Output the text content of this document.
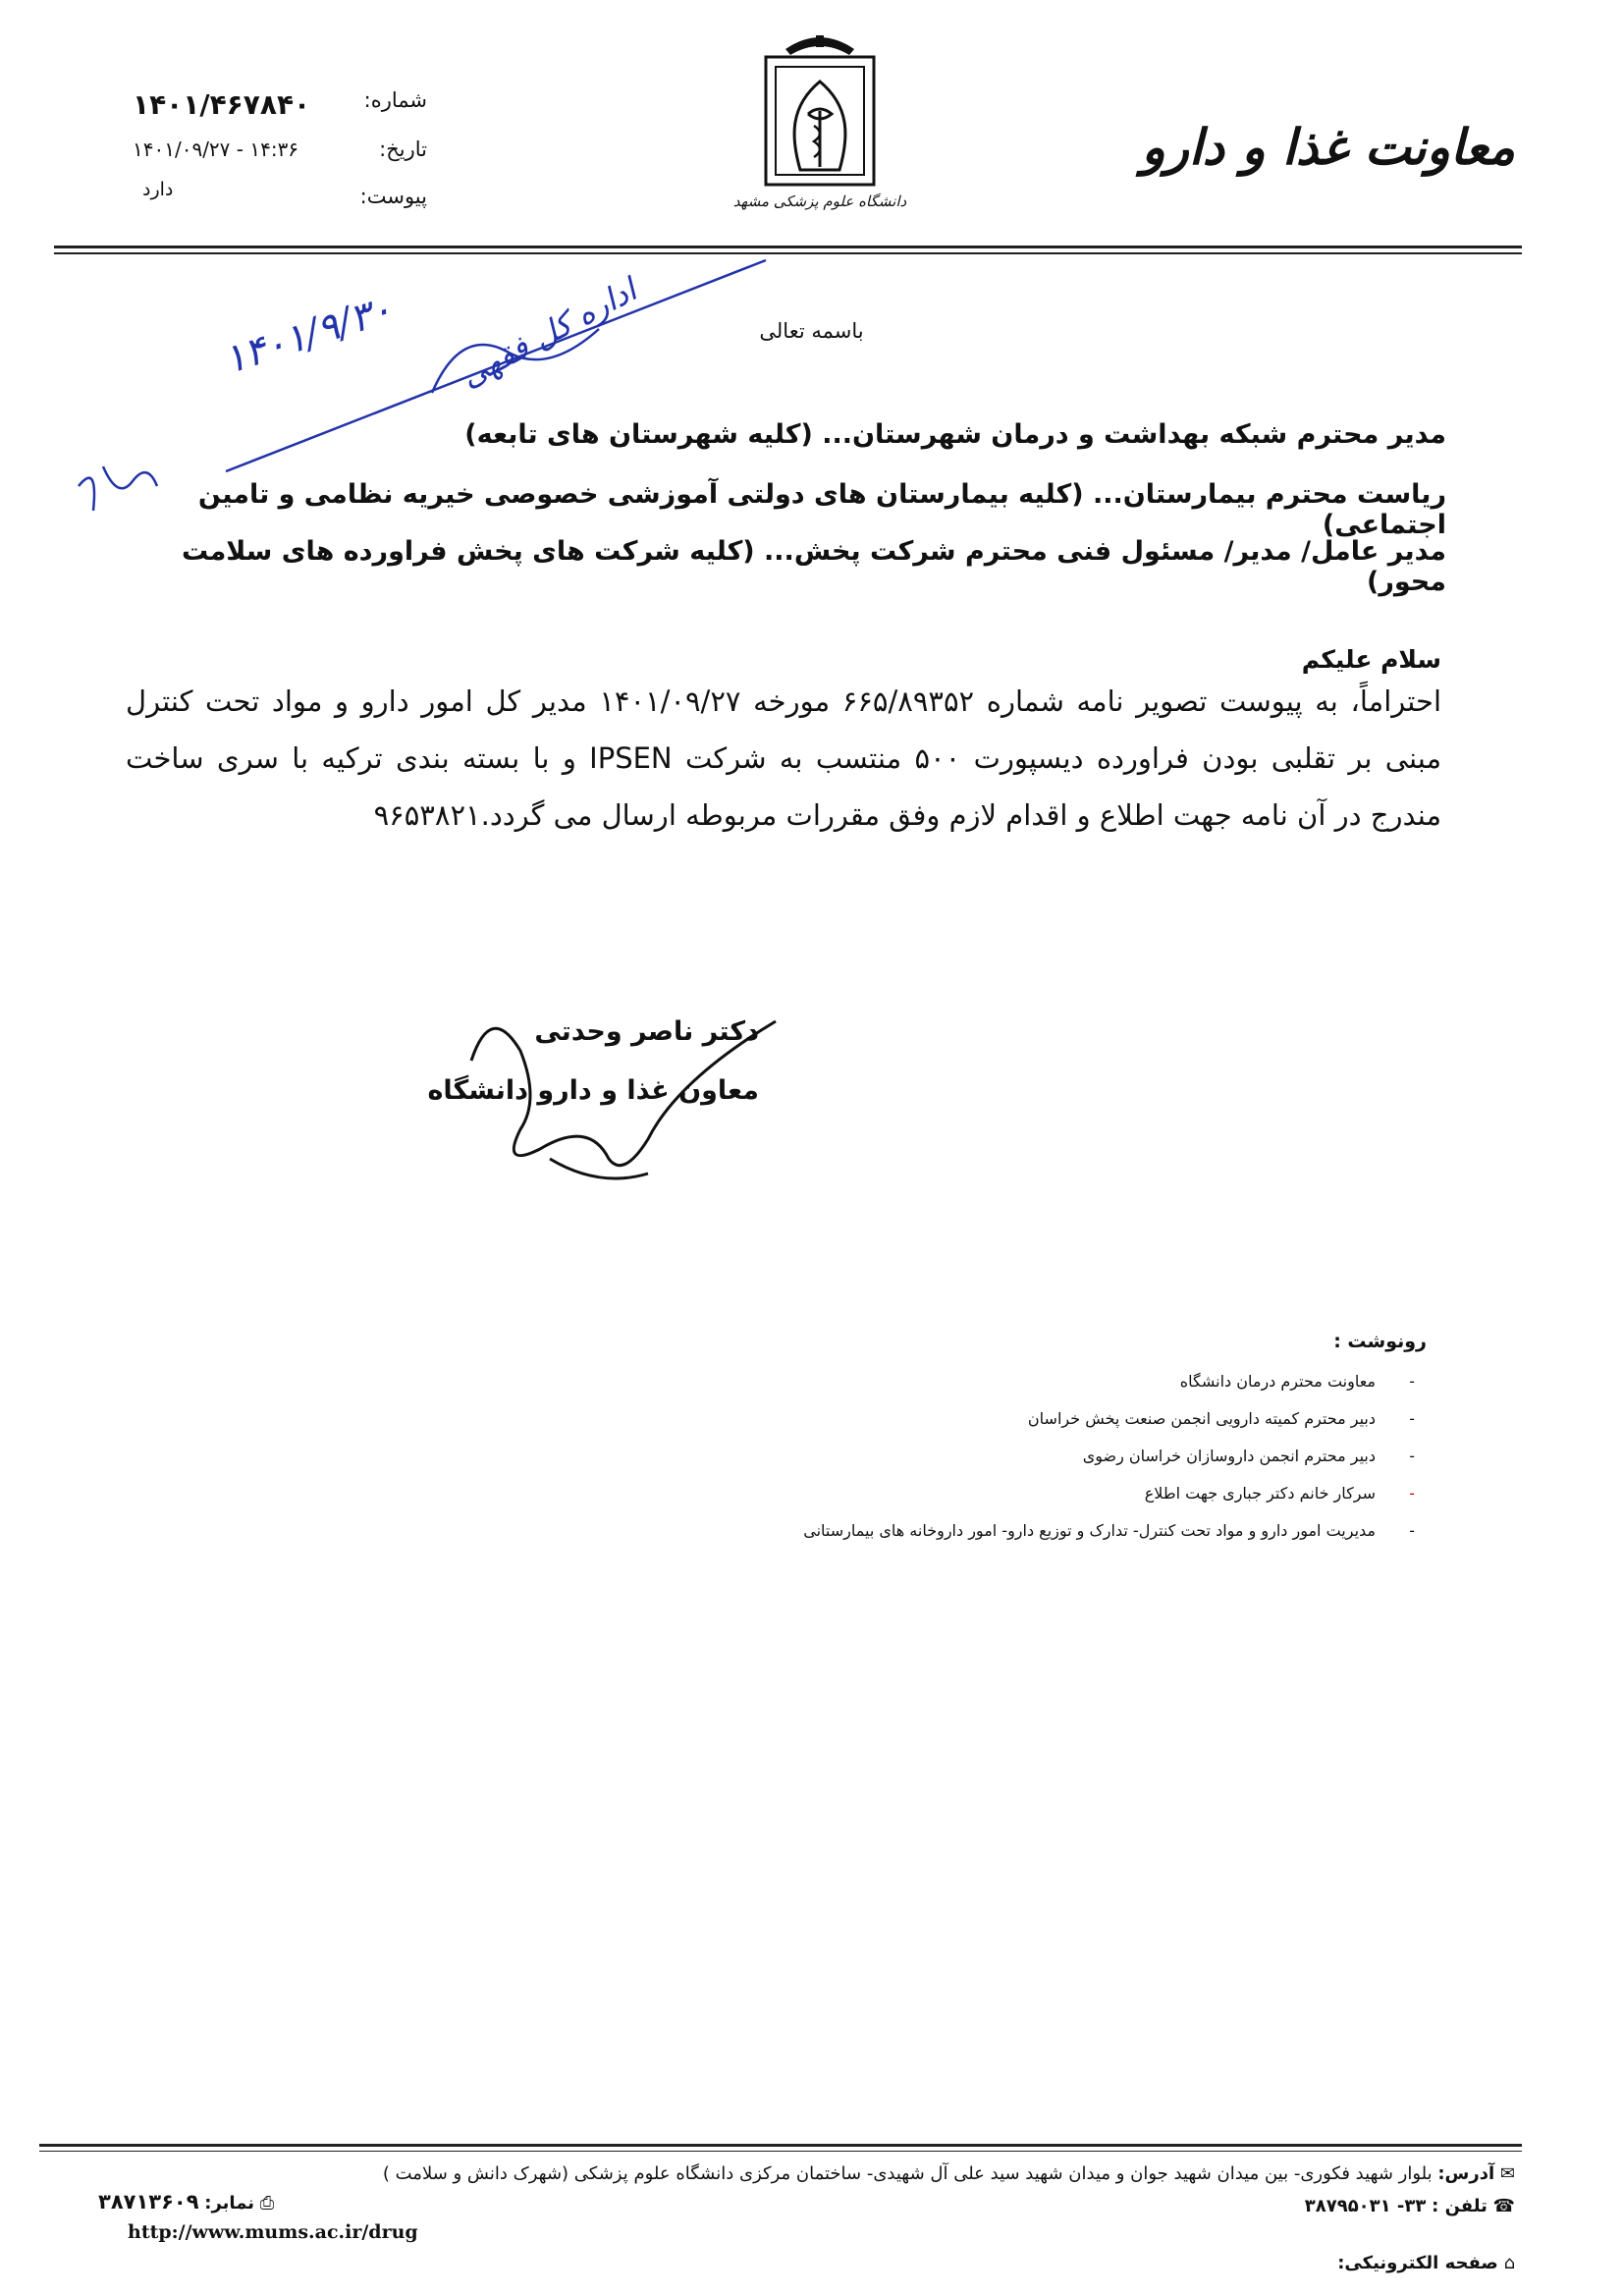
شماره:
۱۴۰۱/۴۶۷۸۴۰
تاریخ:
۱۴۰۱/۰۹/۲۷ - ۱۴:۳۶
پیوست:
دارد
دانشگاه علوم پزشکی مشهد
معاونت غذا و دارو
باسمه تعالی
۱۴۰۱/۹/۳۰ اداره کل فقهی
مدیر محترم شبکه بهداشت و درمان شهرستان... (کلیه شهرستان های تابعه)
ریاست محترم بیمارستان... (کلیه بیمارستان های دولتی آموزشی خصوصی خیریه نظامی و تامین اجتماعی)
مدیر عامل/ مدیر/ مسئول فنی محترم شرکت پخش... (کلیه شرکت های پخش فراورده های سلامت محور)
سلام علیکم
احتراماً، به پیوست تصویر نامه شماره ۶۶۵/۸۹۳۵۲ مورخه ۱۴۰۱/۰۹/۲۷ مدیر کل امور دارو و مواد تحت کنترل مبنی بر تقلبی بودن فراورده دیسپورت ۵۰۰ منتسب به شرکت IPSEN و با بسته بندی ترکیه با سری ساخت مندرج در آن نامه جهت اطلاع و اقدام لازم وفق مقررات مربوطه ارسال می گردد.۹۶۵۳۸۲۱
دکتر ناصر وحدتی
معاون غذا و دارو دانشگاه
رونوشت :
-
معاونت محترم درمان دانشگاه
-
دبیر محترم کمیته دارویی انجمن صنعت پخش خراسان
-
دبیر محترم انجمن داروسازان خراسان رضوی
-
سرکار خانم دکتر جباری جهت اطلاع
-
مدیریت امور دارو و مواد تحت کنترل- تدارک و توزیع دارو- امور داروخانه های بیمارستانی
✉ آدرس: بلوار شهید فکوری- بین میدان شهید جوان و میدان شهید سید علی آل شهیدی- ساختمان مرکزی دانشگاه علوم پزشکی (شهرک دانش و سلامت )
☎ تلفن : ۳۳- ۳۸۷۹۵۰۳۱
⎙ نمابر: ۳۸۷۱۳۶۰۹
⌂ صفحه الکترونیکی:
http://www.mums.ac.ir/drug
